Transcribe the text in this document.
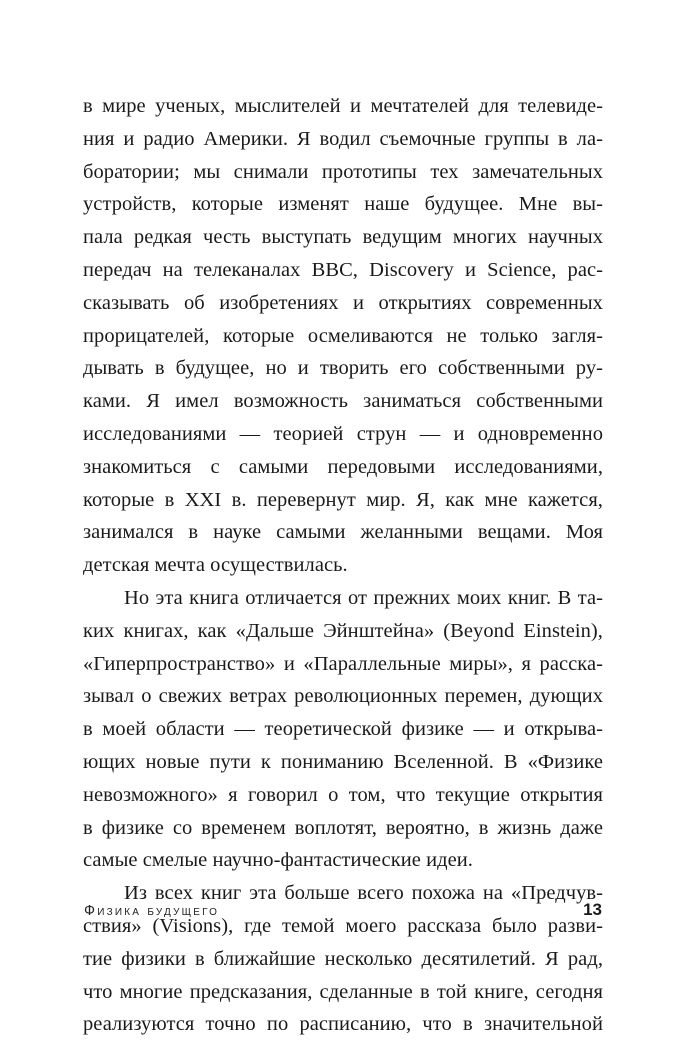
в мире ученых, мыслителей и мечтателей для телевиде-
ния и радио Америки. Я водил съемочные группы в ла-
боратории; мы снимали прототипы тех замечательных
устройств, которые изменят наше будущее. Мне вы-
пала редкая честь выступать ведущим многих научных
передач на телеканалах BBC, Discovery и Science, рас-
сказывать об изобретениях и открытиях современных
прорицателей, которые осмеливаются не только загля-
дывать в будущее, но и творить его собственными ру-
ками. Я имел возможность заниматься собственными
исследованиями — теорией струн — и одновременно
знакомиться с самыми передовыми исследованиями,
которые в XXI в. перевернут мир. Я, как мне кажется,
занимался в науке самыми желанными вещами. Моя
детская мечта осуществилась.
Но эта книга отличается от прежних моих книг. В та-
ких книгах, как «Дальше Эйнштейна» (Beyond Einstein),
«Гиперпространство» и «Параллельные миры», я расска-
зывал о свежих ветрах революционных перемен, дующих
в моей области — теоретической физике — и открыва-
ющих новые пути к пониманию Вселенной. В «Физике
невозможного» я говорил о том, что текущие открытия
в физике со временем воплотят, вероятно, в жизнь даже
самые смелые научно-фантастические идеи.
Из всех книг эта больше всего похожа на «Предчув-
ствия» (Visions), где темой моего рассказа было разви-
тие физики в ближайшие несколько десятилетий. Я рад,
что многие предсказания, сделанные в той книге, сегодня
реализуются точно по расписанию, что в значительной
Физика будущего	13
